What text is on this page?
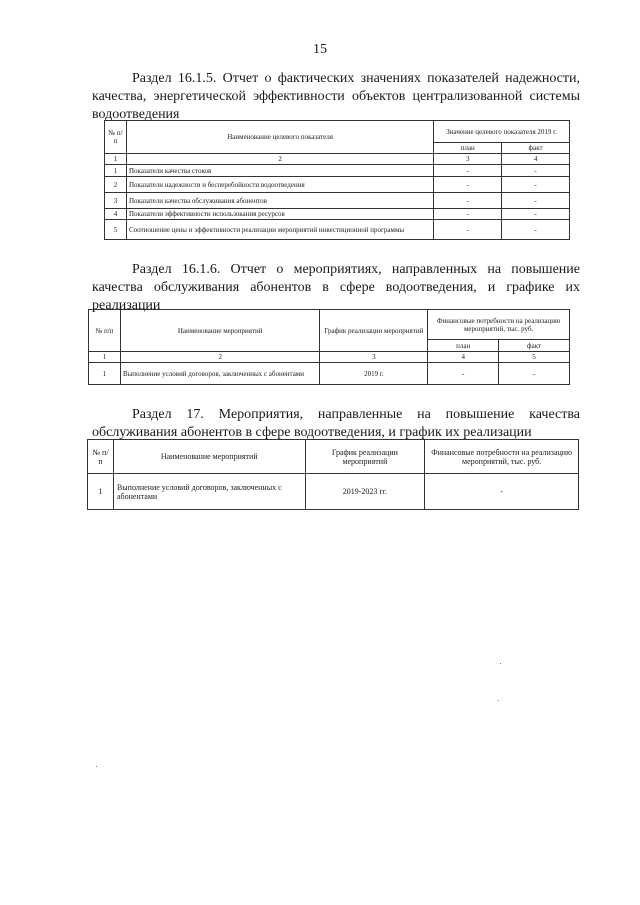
15
Раздел 16.1.5. Отчет о фактических значениях показателей надежности, качества, энергетической эффективности объектов централизованной системы водоотведения
№ п/п	Наименование целевого показателя	Значение целевого показателя 2019 г.	
		план	факт
1	2	3	4
1	Показатели качества стоков	-	-
2	Показатели надежности и бесперебойности водоотведения	-	-
3	Показатели качества обслуживания абонентов	-	-
4	Показатели эффективности использования ресурсов	-	-
5	Соотношение цены и эффективности реализации мероприятий инвестиционной программы	-	-
Раздел 16.1.6. Отчет о мероприятиях, направленных на повышение качества обслуживания абонентов в сфере водоотведения, и графике их реализации
№ п/п	Наименование мероприятий	График реализации мероприятий	Финансовые потребности на реализацию мероприятий, тыс. руб.	
			план	факт
1	2	3	4	5
1	Выполнение условий договоров, заключенных с абонентами	2019 г.	-	-
Раздел 17. Мероприятия, направленные на повышение качества обслуживания абонентов в сфере водоотведения, и график их реализации
№ п/п	Наименование мероприятий	График реализации мероприятий	Финансовые потребности на реализацию мероприятий, тыс. руб.
1	Выполнение условий договоров, заключенных с абонентами	2019-2023 гг.	-
